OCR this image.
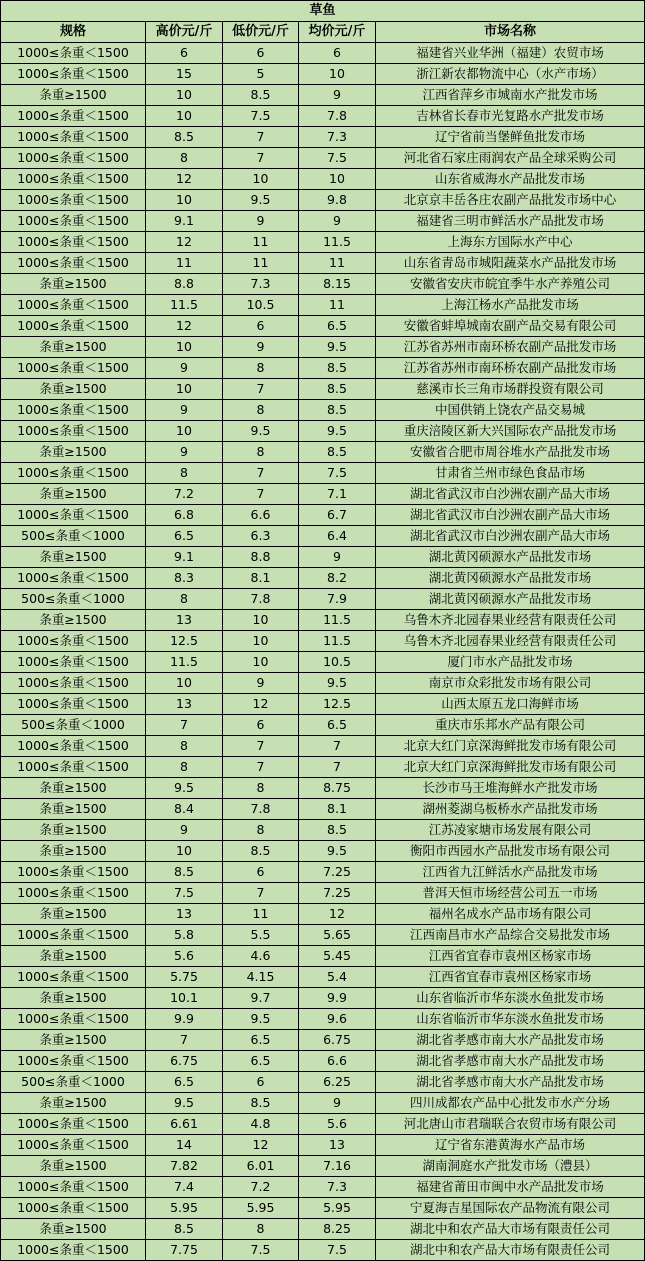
草鱼				
规格	高价元/斤	低价元/斤	均价元/斤	市场名称
1000≤条重＜1500	6	6	6	福建省兴业华洲（福建）农贸市场
1000≤条重＜1500	15	5	10	浙江新农都物流中心（水产市场）
条重≥1500	10	8.5	9	江西省萍乡市城南水产批发市场
1000≤条重＜1500	10	7.5	7.8	吉林省长春市光复路水产批发市场
1000≤条重＜1500	8.5	7	7.3	辽宁省前当堡鲜鱼批发市场
1000≤条重＜1500	8	7	7.5	河北省石家庄雨润农产品全球采购公司
1000≤条重＜1500	12	10	10	山东省威海水产品批发市场
1000≤条重＜1500	10	9.5	9.8	北京京丰岳各庄农副产品批发市场中心
1000≤条重＜1500	9.1	9	9	福建省三明市鲜活水产品批发市场
1000≤条重＜1500	12	11	11.5	上海东方国际水产中心
1000≤条重＜1500	11	11	11	山东省青岛市城阳蔬菜水产品批发市场
条重≥1500	8.8	7.3	8.15	安徽省安庆市皖宜季牛水产养殖公司
1000≤条重＜1500	11.5	10.5	11	上海江杨水产品批发市场
1000≤条重＜1500	12	6	6.5	安徽省蚌埠城南农副产品交易有限公司
条重≥1500	10	9	9.5	江苏省苏州市南环桥农副产品批发市场
1000≤条重＜1500	9	8	8.5	江苏省苏州市南环桥农副产品批发市场
条重≥1500	10	7	8.5	慈溪市长三角市场群投资有限公司
1000≤条重＜1500	9	8	8.5	中国供销上饶农产品交易城
1000≤条重＜1500	10	9.5	9.5	重庆涪陵区新大兴国际农产品批发市场
条重≥1500	9	8	8.5	安徽省合肥市周谷堆水产品批发市场
1000≤条重＜1500	8	7	7.5	甘肃省兰州市绿色食品市场
条重≥1500	7.2	7	7.1	湖北省武汉市白沙洲农副产品大市场
1000≤条重＜1500	6.8	6.6	6.7	湖北省武汉市白沙洲农副产品大市场
500≤条重＜1000	6.5	6.3	6.4	湖北省武汉市白沙洲农副产品大市场
条重≥1500	9.1	8.8	9	湖北黄冈硕源水产品批发市场
1000≤条重＜1500	8.3	8.1	8.2	湖北黄冈硕源水产品批发市场
500≤条重＜1000	8	7.8	7.9	湖北黄冈硕源水产品批发市场
条重≥1500	13	10	11.5	乌鲁木齐北园春果业经营有限责任公司
1000≤条重＜1500	12.5	10	11.5	乌鲁木齐北园春果业经营有限责任公司
1000≤条重＜1500	11.5	10	10.5	厦门市水产品批发市场
1000≤条重＜1500	10	9	9.5	南京市众彩批发市场有限公司
1000≤条重＜1500	13	12	12.5	山西太原五龙口海鲜市场
500≤条重＜1000	7	6	6.5	重庆市乐邦水产品有限公司
1000≤条重＜1500	8	7	7	北京大红门京深海鲜批发市场有限公司
1000≤条重＜1500	8	7	7	北京大红门京深海鲜批发市场有限公司
条重≥1500	9.5	8	8.75	长沙市马王堆海鲜水产批发市场
条重≥1500	8.4	7.8	8.1	湖州菱湖乌板桥水产品批发市场
条重≥1500	9	8	8.5	江苏凌家塘市场发展有限公司
条重≥1500	10	8.5	9.5	衡阳市西园水产品批发市场有限公司
1000≤条重＜1500	8.5	6	7.25	江西省九江鲜活水产品批发市场
1000≤条重＜1500	7.5	7	7.25	普洱天恒市场经营公司五一市场
条重≥1500	13	11	12	福州名成水产品市场有限公司
1000≤条重＜1500	5.8	5.5	5.65	江西南昌市水产品综合交易批发市场
条重≥1500	5.6	4.6	5.45	江西省宜春市袁州区杨家市场
1000≤条重＜1500	5.75	4.15	5.4	江西省宜春市袁州区杨家市场
条重≥1500	10.1	9.7	9.9	山东省临沂市华东淡水鱼批发市场
1000≤条重＜1500	9.9	9.5	9.6	山东省临沂市华东淡水鱼批发市场
条重≥1500	7	6.5	6.75	湖北省孝感市南大水产品批发市场
1000≤条重＜1500	6.75	6.5	6.6	湖北省孝感市南大水产品批发市场
500≤条重＜1000	6.5	6	6.25	湖北省孝感市南大水产品批发市场
条重≥1500	9.5	8.5	9	四川成都农产品中心批发市水产分场
1000≤条重＜1500	6.61	4.8	5.6	河北唐山市君瑞联合农贸市场有限公司
1000≤条重＜1500	14	12	13	辽宁省东港黄海水产品市场
条重≥1500	7.82	6.01	7.16	湖南洞庭水产批发市场（澧县）
1000≤条重＜1500	7.4	7.2	7.3	福建省莆田市闽中水产品批发市场
1000≤条重＜1500	5.95	5.95	5.95	宁夏海吉星国际农产品物流有限公司
条重≥1500	8.5	8	8.25	湖北中和农产品大市场有限责任公司
1000≤条重＜1500	7.75	7.5	7.5	湖北中和农产品大市场有限责任公司
